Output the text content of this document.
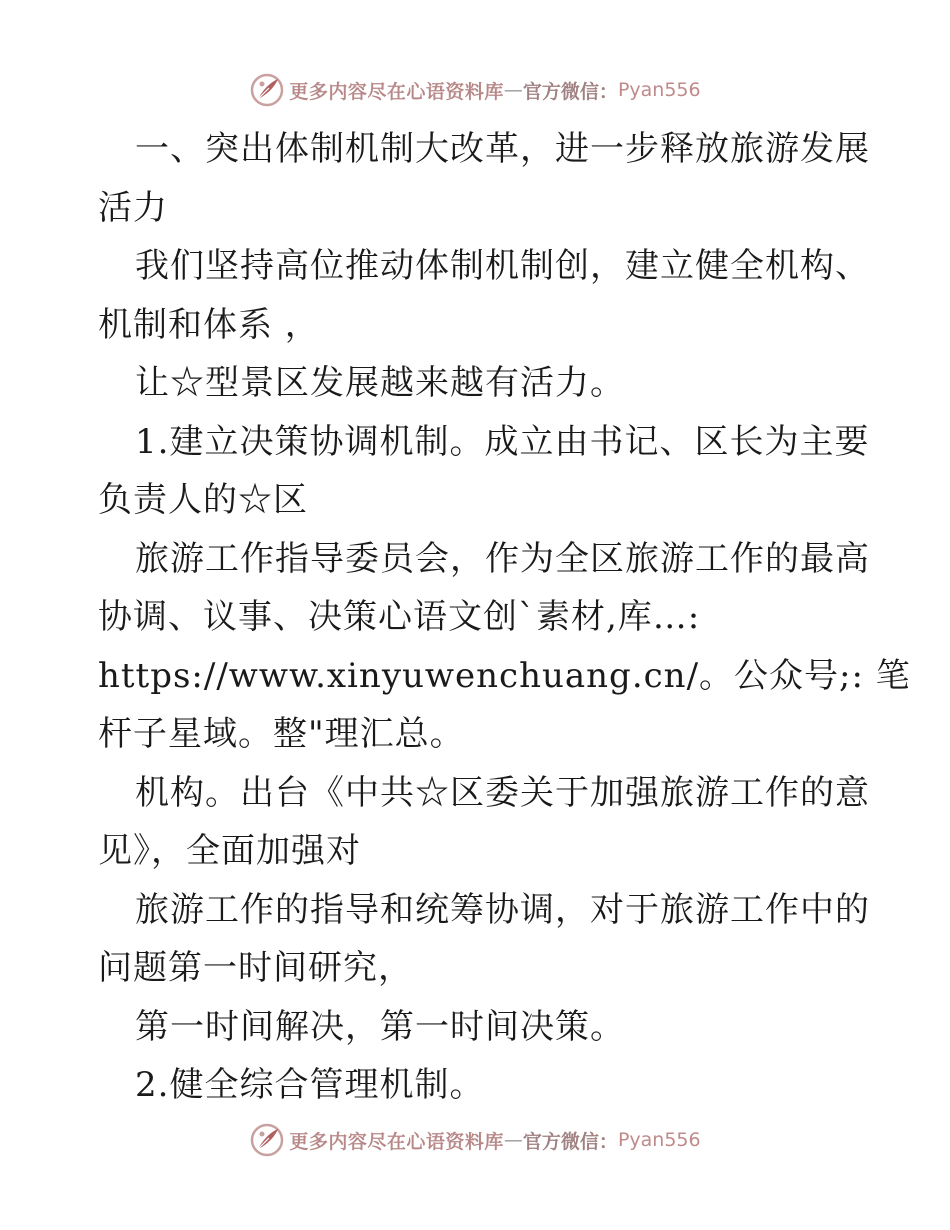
更多内容尽在心语资料库 — 官方微信： Pyan556
一、突出体制机制大改革，进一步释放旅游发展
活力
我们坚持高位推动体制机制创，建立健全机构、
机制和体系 ，
让☆型景区发展越来越有活力。
1.建立决策协调机制。成立由书记、区长为主要
负责人的☆区
旅游工作指导委员会，作为全区旅游工作的最高
协调、议事、决策心语文创`素材,库…:
https://www.xinyuwenchuang.cn/。公众号;: 笔
杆子星域。整"理汇总。
机构。出台《中共☆区委关于加强旅游工作的意
见》，全面加强对
旅游工作的指导和统筹协调，对于旅游工作中的
问题第一时间研究，
第一时间解决，第一时间决策。
2.健全综合管理机制。
更多内容尽在心语资料库 — 官方微信： Pyan556
